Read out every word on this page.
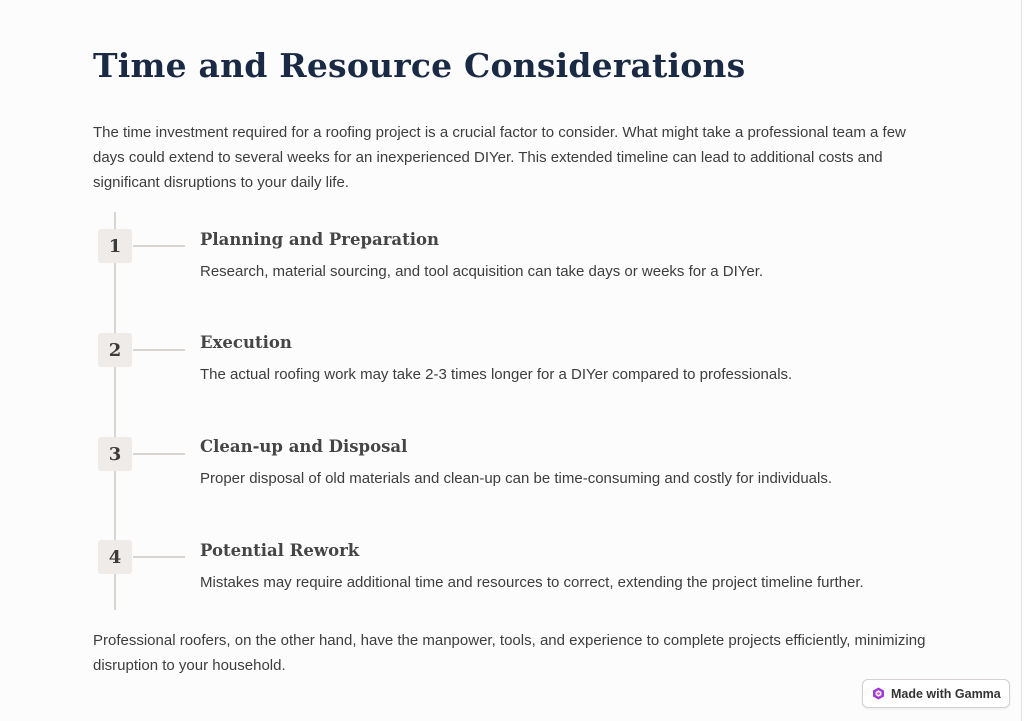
Time and Resource Considerations

The time investment required for a roofing project is a crucial factor to consider. What might take a professional team a few days could extend to several weeks for an inexperienced DIYer. This extended timeline can lead to additional costs and significant disruptions to your daily life.

1	Planning and Preparation
Research, material sourcing, and tool acquisition can take days or weeks for a DIYer.
2	Execution
The actual roofing work may take 2-3 times longer for a DIYer compared to professionals.
3	Clean-up and Disposal
Proper disposal of old materials and clean-up can be time-consuming and costly for individuals.
4	Potential Rework
Mistakes may require additional time and resources to correct, extending the project timeline further.

Professional roofers, on the other hand, have the manpower, tools, and experience to complete projects efficiently, minimizing disruption to your household.

Made with Gamma
